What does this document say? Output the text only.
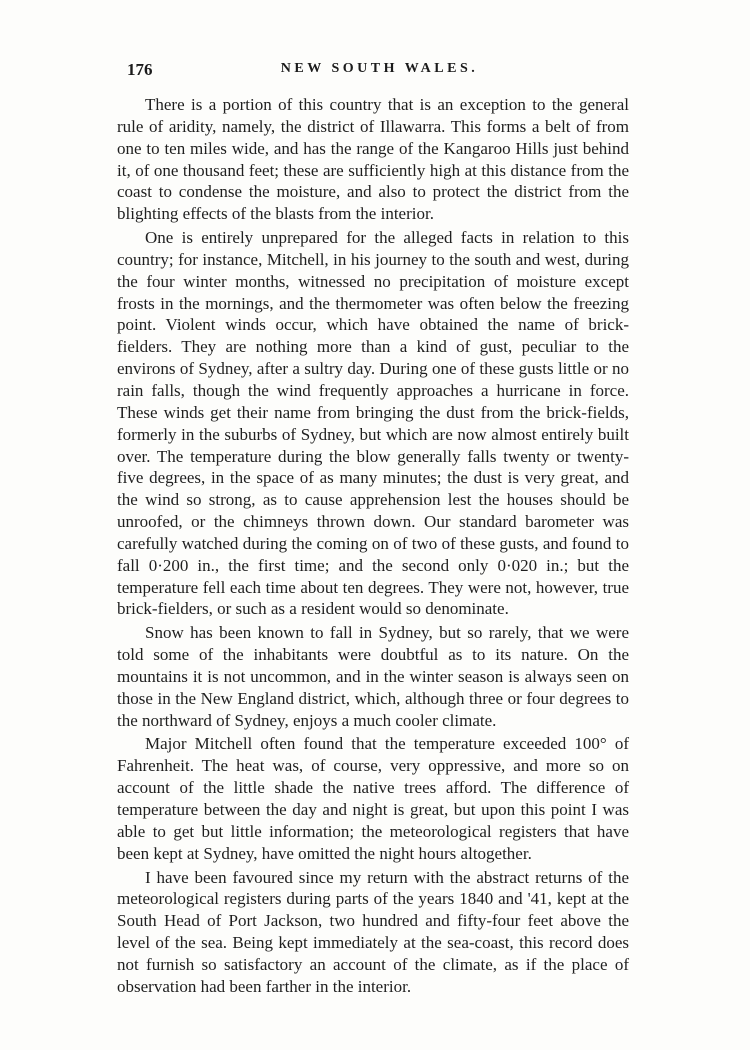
176	NEW SOUTH WALES.

There is a portion of this country that is an exception to the general rule of aridity, namely, the district of Illawarra. This forms a belt of from one to ten miles wide, and has the range of the Kangaroo Hills just behind it, of one thousand feet; these are sufficiently high at this distance from the coast to condense the moisture, and also to protect the district from the blighting effects of the blasts from the interior.

One is entirely unprepared for the alleged facts in relation to this country; for instance, Mitchell, in his journey to the south and west, during the four winter months, witnessed no precipitation of moisture except frosts in the mornings, and the thermometer was often below the freezing point. Violent winds occur, which have obtained the name of brick-fielders. They are nothing more than a kind of gust, peculiar to the environs of Sydney, after a sultry day. During one of these gusts little or no rain falls, though the wind frequently approaches a hurricane in force. These winds get their name from bringing the dust from the brick-fields, formerly in the suburbs of Sydney, but which are now almost entirely built over. The temperature during the blow generally falls twenty or twenty-five degrees, in the space of as many minutes; the dust is very great, and the wind so strong, as to cause apprehension lest the houses should be unroofed, or the chimneys thrown down. Our standard barometer was carefully watched during the coming on of two of these gusts, and found to fall 0·200 in., the first time; and the second only 0·020 in.; but the temperature fell each time about ten degrees. They were not, however, true brick-fielders, or such as a resident would so denominate.

Snow has been known to fall in Sydney, but so rarely, that we were told some of the inhabitants were doubtful as to its nature. On the mountains it is not uncommon, and in the winter season is always seen on those in the New England district, which, although three or four degrees to the northward of Sydney, enjoys a much cooler climate.

Major Mitchell often found that the temperature exceeded 100° of Fahrenheit. The heat was, of course, very oppressive, and more so on account of the little shade the native trees afford. The difference of temperature between the day and night is great, but upon this point I was able to get but little information; the meteorological registers that have been kept at Sydney, have omitted the night hours altogether.

I have been favoured since my return with the abstract returns of the meteorological registers during parts of the years 1840 and '41, kept at the South Head of Port Jackson, two hundred and fifty-four feet above the level of the sea. Being kept immediately at the sea-coast, this record does not furnish so satisfactory an account of the climate, as if the place of observation had been farther in the interior.
